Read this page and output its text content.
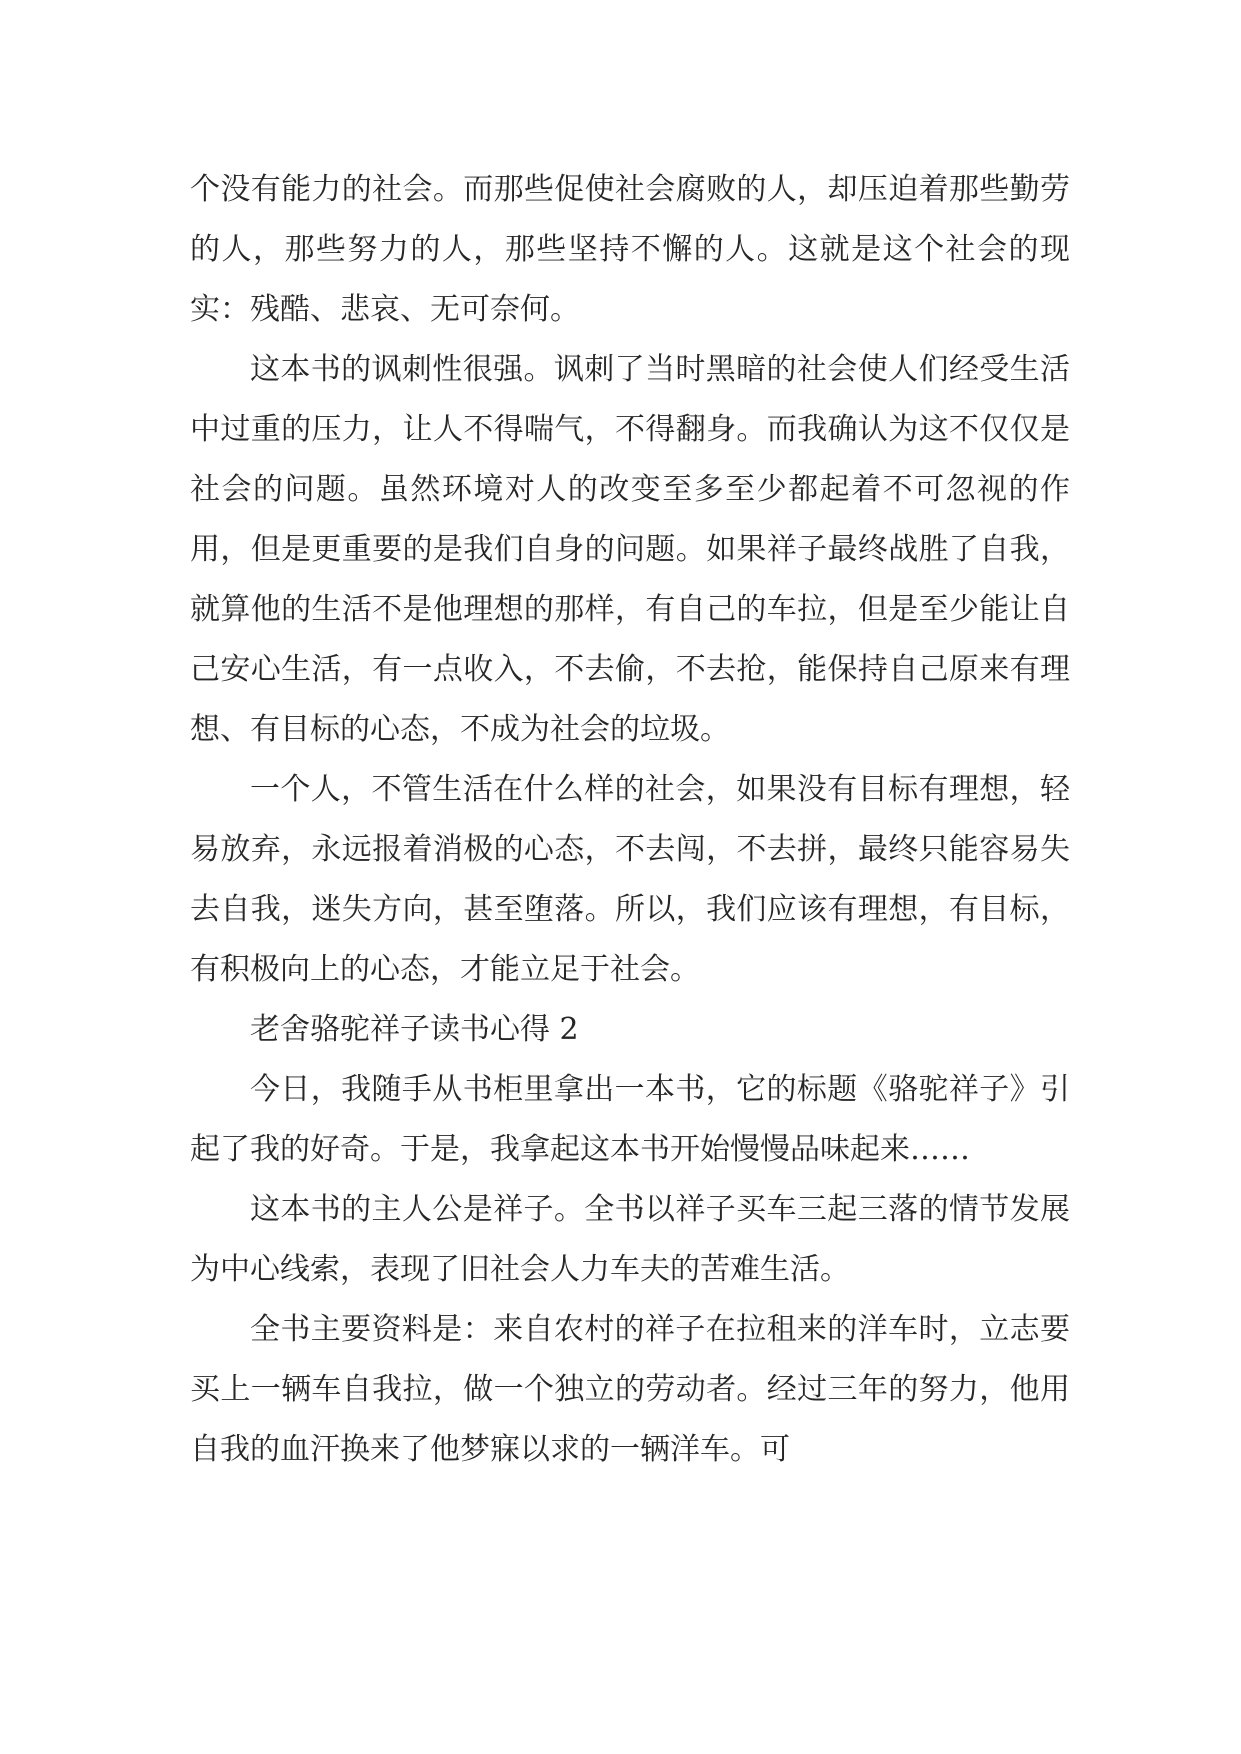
个没有能力的社会。而那些促使社会腐败的人，却压迫着那些勤劳的人，那些努力的人，那些坚持不懈的人。这就是这个社会的现实：残酷、悲哀、无可奈何。

这本书的讽刺性很强。讽刺了当时黑暗的社会使人们经受生活中过重的压力，让人不得喘气，不得翻身。而我确认为这不仅仅是社会的问题。虽然环境对人的改变至多至少都起着不可忽视的作用，但是更重要的是我们自身的问题。如果祥子最终战胜了自我，就算他的生活不是他理想的那样，有自己的车拉，但是至少能让自己安心生活，有一点收入，不去偷，不去抢，能保持自己原来有理想、有目标的心态，不成为社会的垃圾。

一个人，不管生活在什么样的社会，如果没有目标有理想，轻易放弃，永远报着消极的心态，不去闯，不去拼，最终只能容易失去自我，迷失方向，甚至堕落。所以，我们应该有理想，有目标，有积极向上的心态，才能立足于社会。

老舍骆驼祥子读书心得 2

今日，我随手从书柜里拿出一本书，它的标题《骆驼祥子》引起了我的好奇。于是，我拿起这本书开始慢慢品味起来……

这本书的主人公是祥子。全书以祥子买车三起三落的情节发展为中心线索，表现了旧社会人力车夫的苦难生活。

全书主要资料是：来自农村的祥子在拉租来的洋车时，立志要买上一辆车自我拉，做一个独立的劳动者。经过三年的努力，他用自我的血汗换来了他梦寐以求的一辆洋车。可
